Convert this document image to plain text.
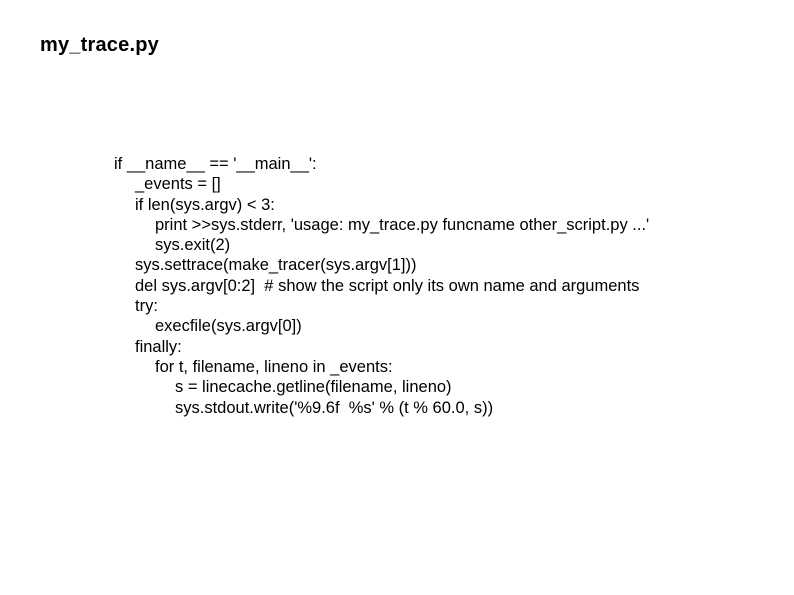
my_trace.py
if __name__ == '__main__':
_events = []
if len(sys.argv) < 3:
print >>sys.stderr, 'usage: my_trace.py funcname other_script.py ...'
sys.exit(2)
sys.settrace(make_tracer(sys.argv[1]))
del sys.argv[0:2]  # show the script only its own name and arguments
try:
execfile(sys.argv[0])
finally:
for t, filename, lineno in _events:
s = linecache.getline(filename, lineno)
sys.stdout.write('%9.6f  %s' % (t % 60.0, s))
